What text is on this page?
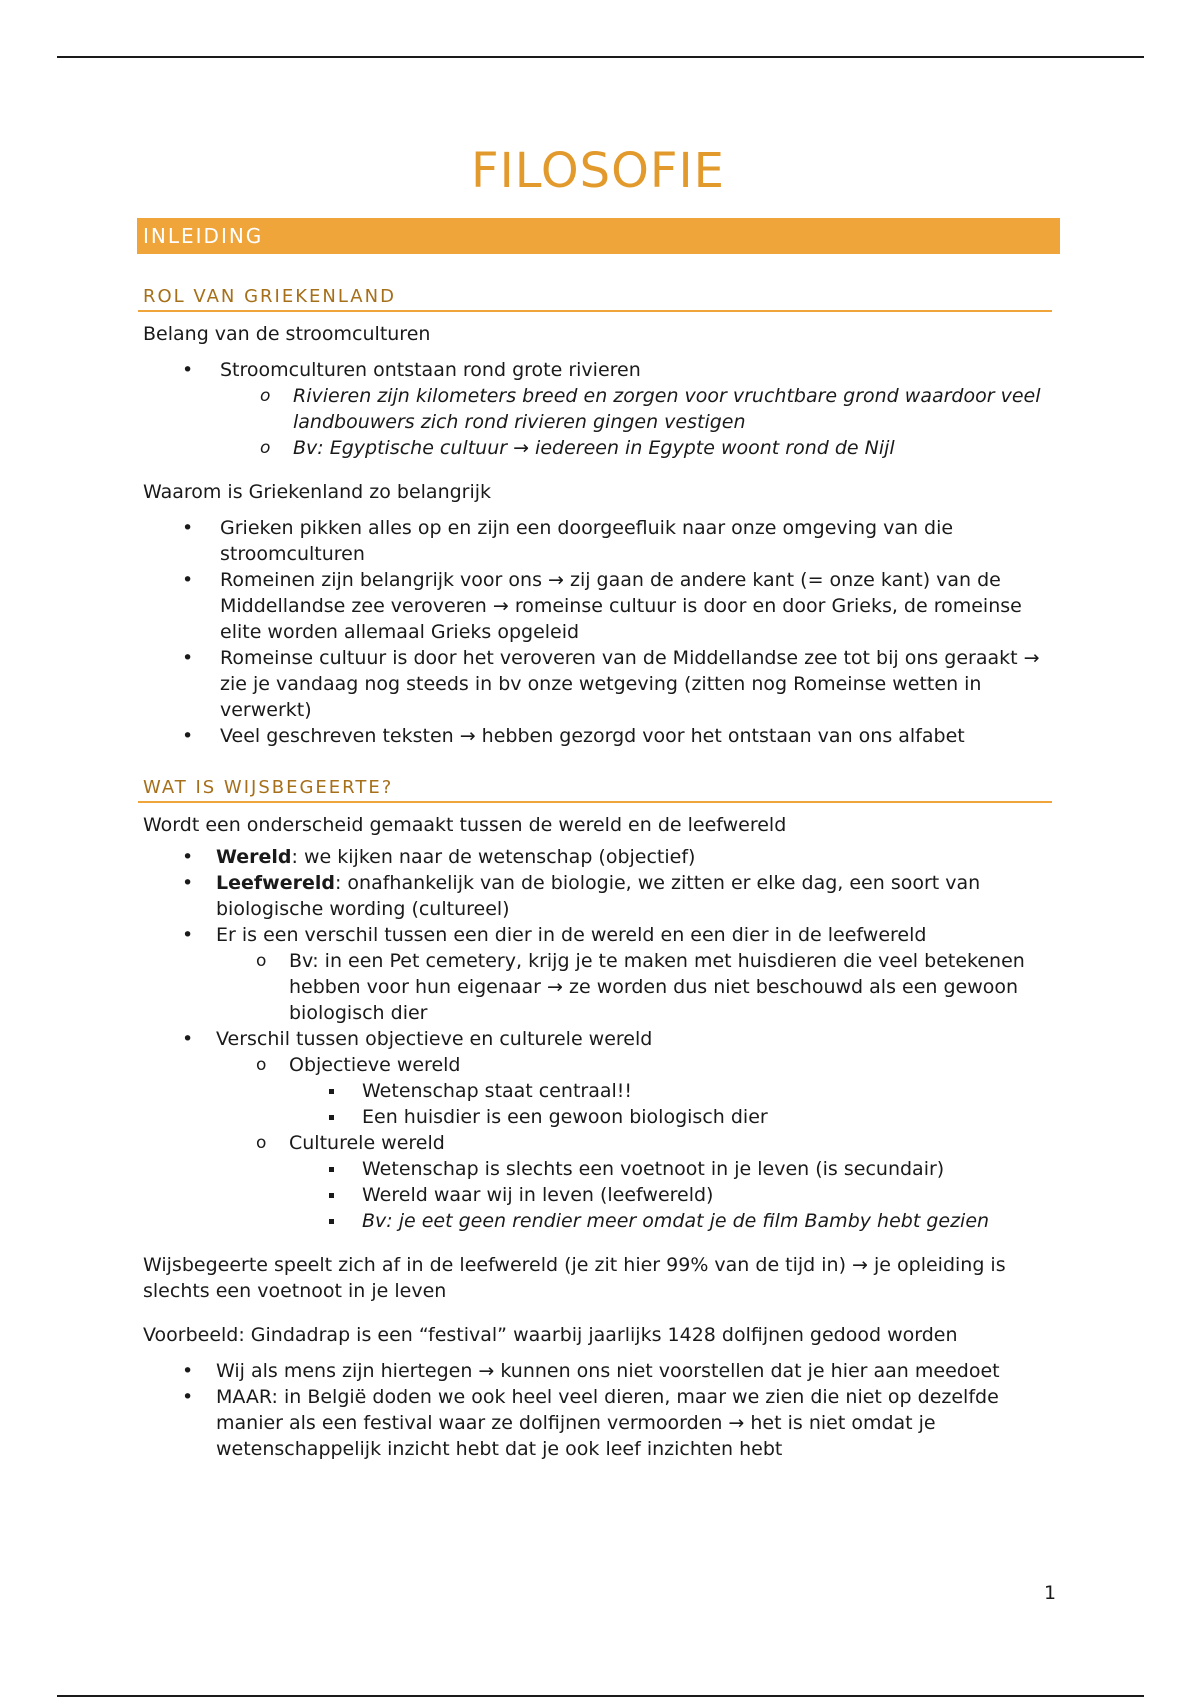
FILOSOFIE
INLEIDING
ROL VAN GRIEKENLAND

Belang van de stroomculturen

• Stroomculturen ontstaan rond grote rivieren
o Rivieren zijn kilometers breed en zorgen voor vruchtbare grond waardoor veel landbouwers zich rond rivieren gingen vestigen
o Bv: Egyptische cultuur → iedereen in Egypte woont rond de Nijl

Waarom is Griekenland zo belangrijk

• Grieken pikken alles op en zijn een doorgeefluik naar onze omgeving van die stroomculturen
• Romeinen zijn belangrijk voor ons → zij gaan de andere kant (= onze kant) van de Middellandse zee veroveren → romeinse cultuur is door en door Grieks, de romeinse elite worden allemaal Grieks opgeleid
• Romeinse cultuur is door het veroveren van de Middellandse zee tot bij ons geraakt → zie je vandaag nog steeds in bv onze wetgeving (zitten nog Romeinse wetten in verwerkt)
• Veel geschreven teksten → hebben gezorgd voor het ontstaan van ons alfabet
WAT IS WIJSBEGEERTE?

Wordt een onderscheid gemaakt tussen de wereld en de leefwereld

• Wereld: we kijken naar de wetenschap (objectief)
• Leefwereld: onafhankelijk van de biologie, we zitten er elke dag, een soort van biologische wording (cultureel)
• Er is een verschil tussen een dier in de wereld en een dier in de leefwereld
o Bv: in een Pet cemetery, krijg je te maken met huisdieren die veel betekenen hebben voor hun eigenaar → ze worden dus niet beschouwd als een gewoon biologisch dier
• Verschil tussen objectieve en culturele wereld
o Objectieve wereld
Wetenschap staat centraal!!
Een huisdier is een gewoon biologisch dier
o Culturele wereld
Wetenschap is slechts een voetnoot in je leven (is secundair)
Wereld waar wij in leven (leefwereld)
Bv: je eet geen rendier meer omdat je de film Bamby hebt gezien

Wijsbegeerte speelt zich af in de leefwereld (je zit hier 99% van de tijd in) → je opleiding is slechts een voetnoot in je leven

Voorbeeld: Gindadrap is een “festival” waarbij jaarlijks 1428 dolfijnen gedood worden

• Wij als mens zijn hiertegen → kunnen ons niet voorstellen dat je hier aan meedoet
• MAAR: in België doden we ook heel veel dieren, maar we zien die niet op dezelfde manier als een festival waar ze dolfijnen vermoorden → het is niet omdat je wetenschappelijk inzicht hebt dat je ook leef inzichten hebt
1
